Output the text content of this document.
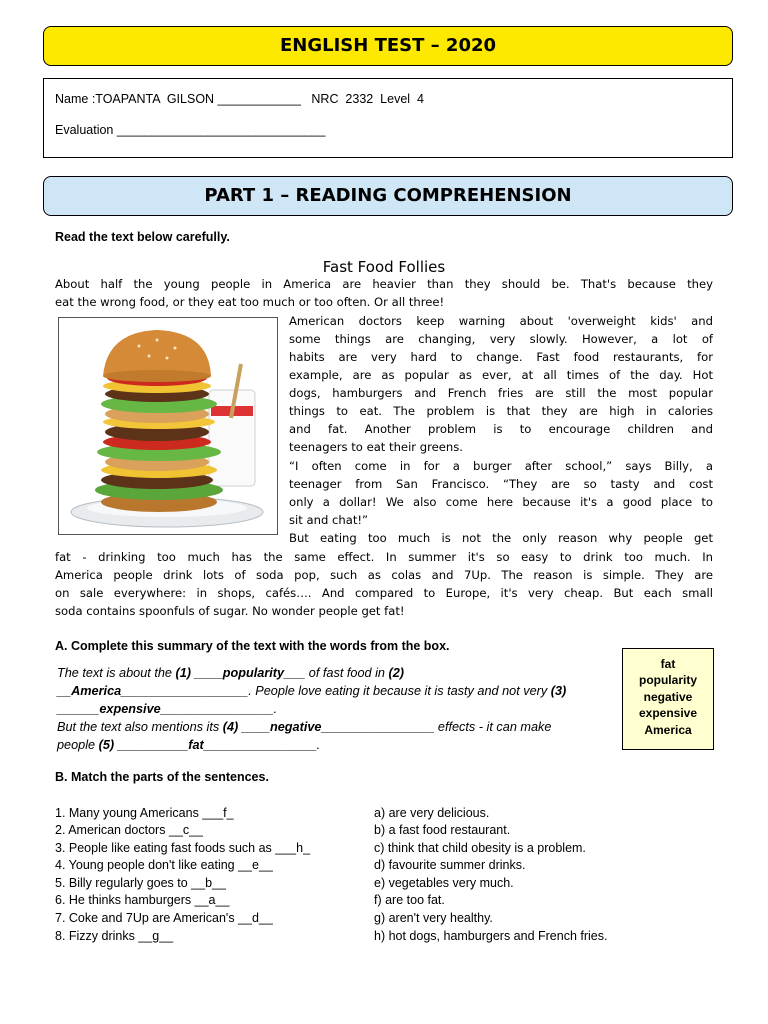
ENGLISH TEST – 2020
Name :TOAPANTA  GILSON ____________   NRC  2332  Level  4
Evaluation ______________________________
PART 1 – READING COMPREHENSION
Read the text below carefully.
Fast Food Follies
About half the young people in America are heavier than they should be. That's because they
eat the wrong food, or they eat too much or too often. Or all three!
American doctors keep warning about 'overweight kids' and
some things are changing, very slowly. However, a lot of
habits are very hard to change. Fast food restaurants, for
example, are as popular as ever, at all times of the day. Hot
dogs, hamburgers and French fries are still the most popular
things to eat. The problem is that they are high in calories
and fat. Another problem is to encourage children and
teenagers to eat their greens.
“I often come in for a burger after school,” says Billy, a
teenager from San Francisco. “They are so tasty and cost
only a dollar! We also come here because it's a good place to
sit and chat!”
But eating too much is not the only reason why people get
fat - drinking too much has the same effect. In summer it's so easy to drink too much. In
America people drink lots of soda pop, such as colas and 7Up. The reason is simple. They are
on sale everywhere: in shops, cafés…. And compared to Europe, it's very cheap. But each small
soda contains spoonfuls of sugar. No wonder people get fat!
A. Complete this summary of the text with the words from the box.
The text is about the (1) ____popularity___ of fast food in (2)
__America__________________. People love eating it because it is tasty and not very (3)
______expensive________________.
But the text also mentions its (4) ____negative________________ effects - it can make
people (5) __________fat________________.
fat
popularity
negative
expensive
America
B. Match the parts of the sentences.
1. Many young Americans ___f_
2. American doctors __c__
3. People like eating fast foods such as ___h_
4. Young people don't like eating __e__
5. Billy regularly goes to __b__
6. He thinks hamburgers __a__
7. Coke and 7Up are American's __d__
8. Fizzy drinks __g__
a) are very delicious.
b) a fast food restaurant.
c) think that child obesity is a problem.
d) favourite summer drinks.
e) vegetables very much.
f) are too fat.
g) aren't very healthy.
h) hot dogs, hamburgers and French fries.
